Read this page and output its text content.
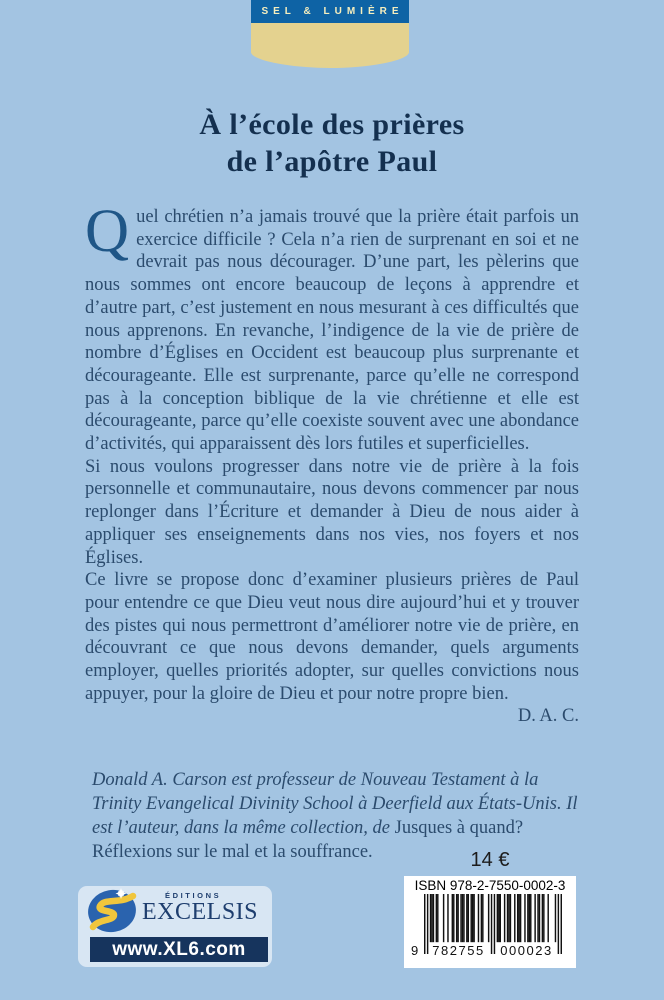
SEL & LUMIÈRE
À l’école des prières
de l’apôtre Paul

Quel chrétien n’a jamais trouvé que la prière était parfois un exercice difficile ? Cela n’a rien de surprenant en soi et ne devrait pas nous décourager. D’une part, les pèlerins que nous sommes ont encore beaucoup de leçons à apprendre et d’autre part, c’est justement en nous mesurant à ces difficultés que nous apprenons. En revanche, l’indigence de la vie de prière de nombre d’Églises en Occident est beaucoup plus surprenante et décourageante. Elle est surprenante, parce qu’elle ne correspond pas à la conception biblique de la vie chrétienne et elle est décourageante, parce qu’elle coexiste souvent avec une abondance d’activités, qui apparaissent dès lors futiles et superficielles.

Si nous voulons progresser dans notre vie de prière à la fois personnelle et communautaire, nous devons commencer par nous replonger dans l’Écriture et demander à Dieu de nous aider à appliquer ses enseignements dans nos vies, nos foyers et nos Églises.

Ce livre se propose donc d’examiner plusieurs prières de Paul pour entendre ce que Dieu veut nous dire aujourd’hui et y trouver des pistes qui nous permettront d’améliorer notre vie de prière, en découvrant ce que nous devons demander, quels arguments employer, quelles priorités adopter, sur quelles convictions nous appuyer, pour la gloire de Dieu et pour notre propre bien.

D. A. C.

Donald A. Carson est professeur de Nouveau Testament à la Trinity Evangelical Divinity School à Deerfield aux États-Unis. Il est l’auteur, dans la même collection, de Jusques à quand? Réflexions sur le mal et la souffrance.	14 €
ISBN 978-2-7550-0002-3
9 782755 000023
ÉDITIONS
EXCELSIS
www.XL6.com
